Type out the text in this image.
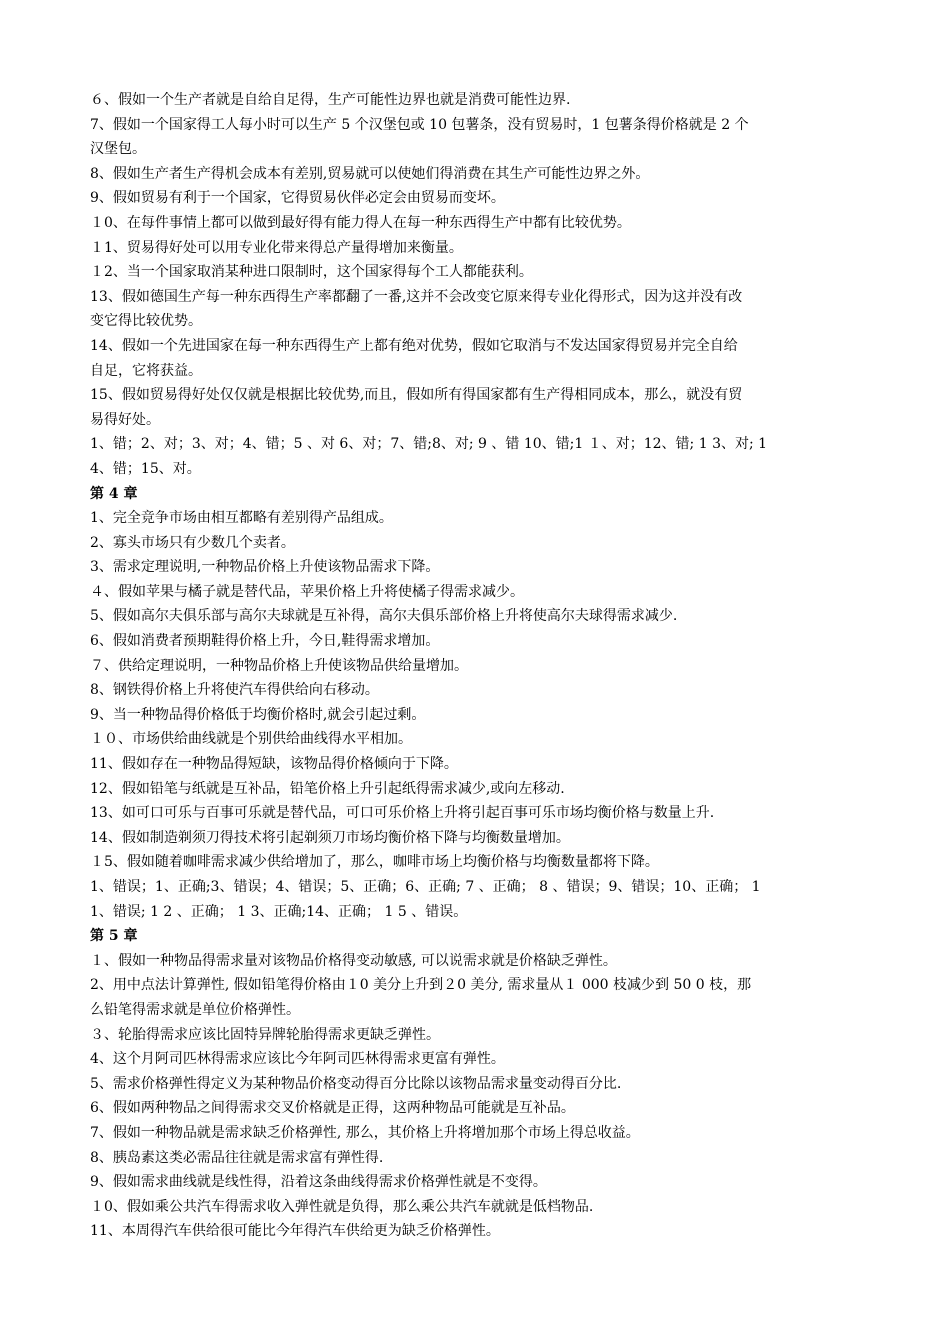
６、假如一个生产者就是自给自足得，生产可能性边界也就是消费可能性边界.
7、假如一个国家得工人每小时可以生产 5 个汉堡包或 10 包薯条，没有贸易时，1 包薯条得价格就是 2 个
汉堡包。
8、假如生产者生产得机会成本有差别,贸易就可以使她们得消费在其生产可能性边界之外。
9、假如贸易有利于一个国家，它得贸易伙伴必定会由贸易而变坏。
１0、在每件事情上都可以做到最好得有能力得人在每一种东西得生产中都有比较优势。
１1、贸易得好处可以用专业化带来得总产量得增加来衡量。
１2、当一个国家取消某种进口限制时，这个国家得每个工人都能获利。
13、假如德国生产每一种东西得生产率都翻了一番,这并不会改变它原来得专业化得形式，因为这并没有改
变它得比较优势。
14、假如一个先进国家在每一种东西得生产上都有绝对优势，假如它取消与不发达国家得贸易并完全自给
自足，它将获益。
15、假如贸易得好处仅仅就是根据比较优势,而且，假如所有得国家都有生产得相同成本，那么，就没有贸
易得好处。
1、错；2、对；3、对；4、错；5 、对 6、对；7、错;8、对; 9 、错 10、错;1 １、对；12、错; 1 3、对; 1
4、错；15、对。
第 4 章
1、完全竞争市场由相互都略有差别得产品组成。
2、寡头市场只有少数几个卖者。
3、需求定理说明,一种物品价格上升使该物品需求下降。
４、假如苹果与橘子就是替代品，苹果价格上升将使橘子得需求减少。
5、假如高尔夫俱乐部与高尔夫球就是互补得，高尔夫俱乐部价格上升将使高尔夫球得需求减少.
6、假如消费者预期鞋得价格上升，今日,鞋得需求增加。
７、供给定理说明，一种物品价格上升使该物品供给量增加。
8、钢铁得价格上升将使汽车得供给向右移动。
9、当一种物品得价格低于均衡价格时,就会引起过剩。
１０、市场供给曲线就是个别供给曲线得水平相加。
11、假如存在一种物品得短缺，该物品得价格倾向于下降。
12、假如铅笔与纸就是互补品，铅笔价格上升引起纸得需求减少,或向左移动.
13、如可口可乐与百事可乐就是替代品，可口可乐价格上升将引起百事可乐市场均衡价格与数量上升.
14、假如制造剃须刀得技术将引起剃须刀市场均衡价格下降与均衡数量增加。
１5、假如随着咖啡需求减少供给增加了，那么，咖啡市场上均衡价格与均衡数量都将下降。
1、错误；1、正确;3、错误；4、错误；5、正确；6、正确; 7 、正确； 8 、错误；9、错误；10、正确； 1
1、错误; 1 2 、正确； 1 3、正确;14、正确； 1 5 、错误。
第 5 章
１、假如一种物品得需求量对该物品价格得变动敏感, 可以说需求就是价格缺乏弹性。
2、用中点法计算弹性, 假如铅笔得价格由１0 美分上升到２0 美分, 需求量从１ 000 枝减少到 50 0 枝，那
么铅笔得需求就是单位价格弹性。
３、轮胎得需求应该比固特异牌轮胎得需求更缺乏弹性。
4、这个月阿司匹林得需求应该比今年阿司匹林得需求更富有弹性。
5、需求价格弹性得定义为某种物品价格变动得百分比除以该物品需求量变动得百分比.
6、假如两种物品之间得需求交叉价格就是正得，这两种物品可能就是互补品。
7、假如一种物品就是需求缺乏价格弹性, 那么，其价格上升将增加那个市场上得总收益。
8、胰岛素这类必需品往往就是需求富有弹性得.
9、假如需求曲线就是线性得，沿着这条曲线得需求价格弹性就是不变得。
１0、假如乘公共汽车得需求收入弹性就是负得，那么乘公共汽车就就是低档物品.
11、本周得汽车供给很可能比今年得汽车供给更为缺乏价格弹性。
